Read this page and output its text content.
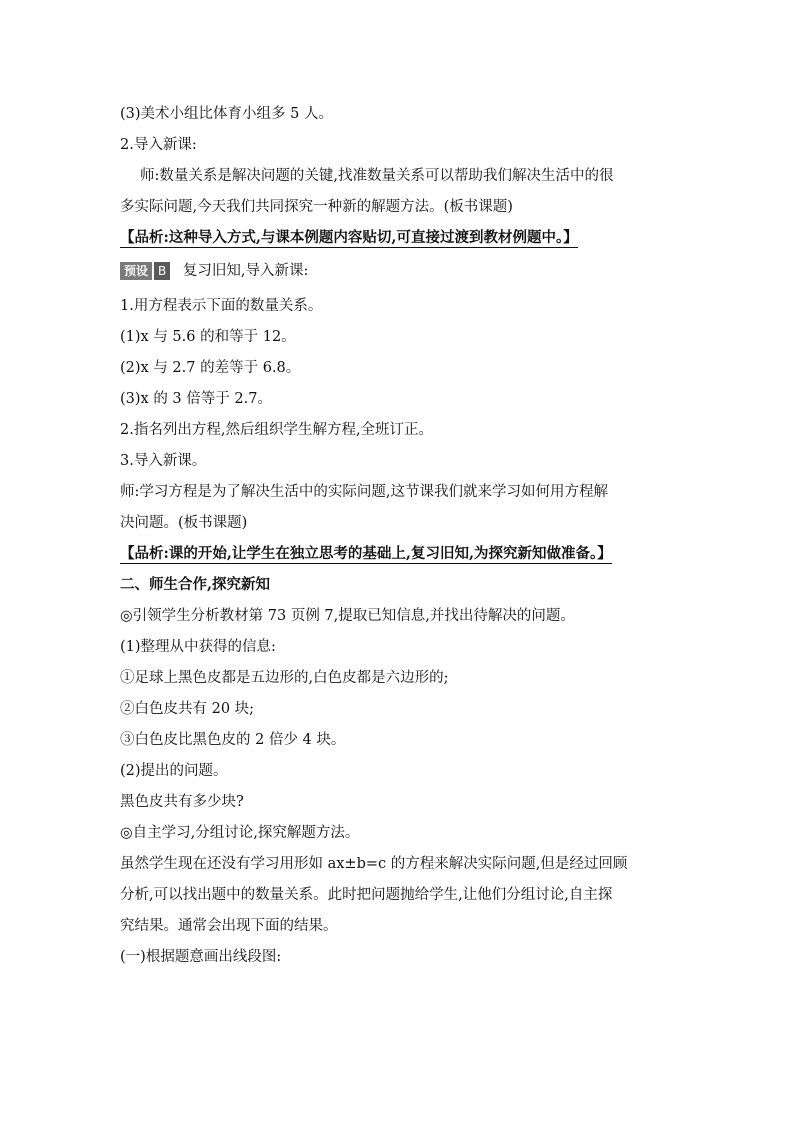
(3)美术小组比体育小组多 5 人。
2.导入新课:
师:数量关系是解决问题的关键,找准数量关系可以帮助我们解决生活中的很
多实际问题,今天我们共同探究一种新的解题方法。(板书课题)
【品析:这种导入方式,与课本例题内容贴切,可直接过渡到教材例题中。】
预设 B 复习旧知,导入新课:
1.用方程表示下面的数量关系。
(1)x 与 5.6 的和等于 12。
(2)x 与 2.7 的差等于 6.8。
(3)x 的 3 倍等于 2.7。
2.指名列出方程,然后组织学生解方程,全班订正。
3.导入新课。
师:学习方程是为了解决生活中的实际问题,这节课我们就来学习如何用方程解
决问题。(板书课题)
【品析:课的开始,让学生在独立思考的基础上,复习旧知,为探究新知做准备。】
二、师生合作,探究新知
◎引领学生分析教材第 73 页例 7,提取已知信息,并找出待解决的问题。
(1)整理从中获得的信息:
①足球上黑色皮都是五边形的,白色皮都是六边形的;
②白色皮共有 20 块;
③白色皮比黑色皮的 2 倍少 4 块。
(2)提出的问题。
黑色皮共有多少块?
◎自主学习,分组讨论,探究解题方法。
虽然学生现在还没有学习用形如 ax±b=c 的方程来解决实际问题,但是经过回顾
分析,可以找出题中的数量关系。此时把问题抛给学生,让他们分组讨论,自主探
究结果。通常会出现下面的结果。
(一)根据题意画出线段图:
